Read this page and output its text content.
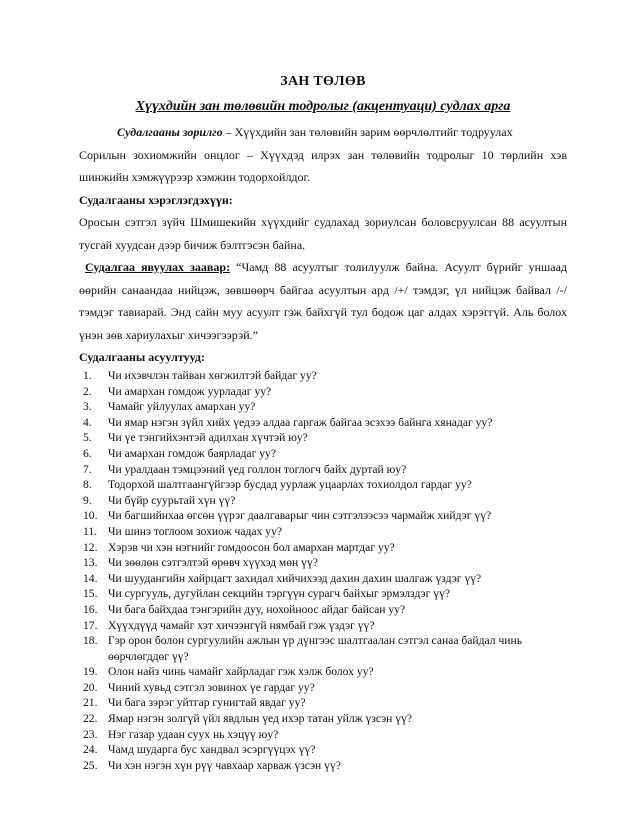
ЗАН ТӨЛӨВ
Хүүхдийн зан төлөвийн тодролыг (акцентуаци) судлах арга

Судалгааны зорилго – Хүүхдийн зан төлөвийн зарим өөрчлөлтийг тодруулах

Сорилын зохиомжийн онцлог – Хүүхдэд илрэх зан төлөвийн тодролыг 10 төрлийн хэв шинжийн хэмжүүрээр хэмжин тодорхойлдог.

Судалгааны хэрэглэгдэхүүн:

Оросын сэтгэл зүйч Шмишекийн хүүхдийг судлахад зориулсан боловсруулсан 88 асуултын тусгай хуудсан дээр бичиж бэлтгэсэн байна.

Судалгаа явуулах заавар: “Чамд 88 асуултыг толилуулж байна. Асуулт бүрийг уншаад өөрийн санаандаа нийцэж, зөвшөөрч байгаа асуултын ард /+/ тэмдэг, үл нийцэж байвал /-/ тэмдэг тавиарай. Энд сайн муу асуулт гэж байхгүй тул бодож цаг алдах хэрэггүй. Аль болох үнэн зөв хариулахыг хичээгээрэй.”

Судалгааны асуултууд:

1.	Чи ихэвчлэн тайван хөгжилтэй байдаг уу?
2.	Чи амархан гомдож уурладаг уу?
3.	Чамайг уйлуулах амархан уу?
4.	Чи ямар нэгэн зүйл хийх үедээ алдаа гаргаж байгаа эсэхээ байнга хянадаг уу?
5.	Чи үе тэнгийхэнтэй адилхан хүчтэй юу?
6.	Чи амархан гомдож баярладаг уу?
7.	Чи уралдаан тэмцээний үед голлон тоглогч байх дуртай юу?
8.	Тодорхой шалтгаангүйгээр бусдад уурлаж уцаарлах тохиолдол гардаг уу?
9.	Чи бүйр суурьтай хүн үү?
10. Чи багшийнхаа өгсөн үүрэг даалгаварыг чин сэтгэлээсээ чармайж хийдэг үү?
11. Чи шинэ тоглоом зохиож чадах уу?
12. Хэрэв чи хэн нэгнийг гомдоосон бол амархан мартдаг уу?
13. Чи зөөлөн сэтгэлтэй өрөвч хүүхэд мөн үү?
14. Чи шуудангийн хайрцагт захидал хийчихээд дахин дахин шалгаж үздэг үү?
15. Чи сургууль, дугуйлан секцийн тэргүүн сурагч байхыг эрмэлздэг үү?
16. Чи бага байхдаа тэнгэрийн дуу, нохойноос айдаг байсан уу?
17. Хүүхдүүд чамайг хэт хичээнгүй нямбай гэж үздэг үү?
18. Гэр орон болон сургуулийн ажлын үр дүнгээс шалтгаалан сэтгэл санаа байдал чинь өөрчлөгддөг үү?
19. Олон найз чинь чамайг хайрладаг гэж хэлж болох уу?
20. Чиний хувьд сэтгэл зовинох үе гардаг уу?
21. Чи бага зэрэг уйтгар гунигтай явдаг уу?
22. Ямар нэгэн золгүй үйл явдлын үед ихэр татан уйлж үзсэн үү?
23. Нэг газар удаан суух нь хэцүү юу?
24. Чамд шударга бус хандвал эсэргүүцэх үү?
25. Чи хэн нэгэн хүн рүү чавхаар харваж үзсэн үү?
